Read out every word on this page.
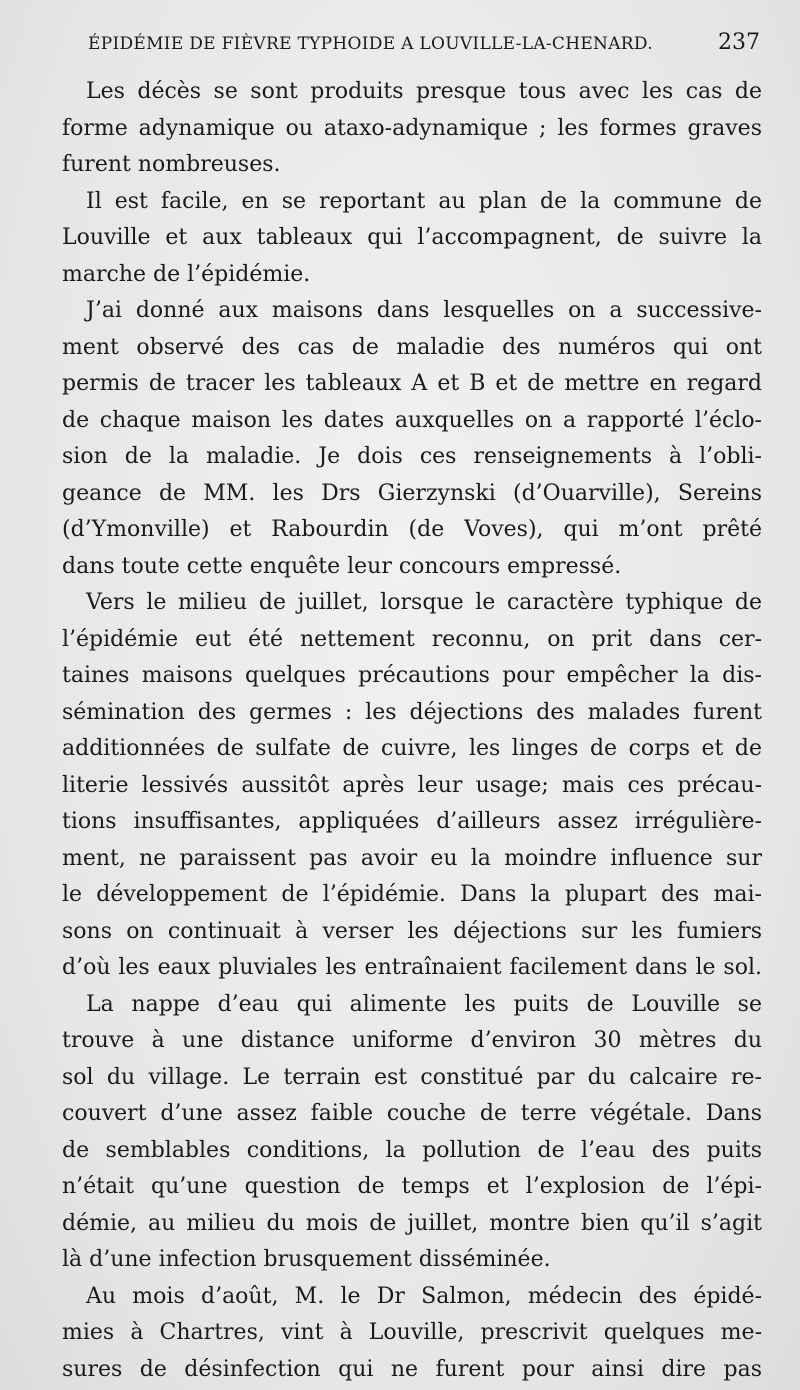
ÉPIDÉMIE DE FIÈVRE TYPHOIDE A LOUVILLE-LA-CHENARD.	237
Les décès se sont produits presque tous avec les cas de
forme adynamique ou ataxo-adynamique ; les formes graves
furent nombreuses.
Il est facile, en se reportant au plan de la commune de
Louville et aux tableaux qui l’accompagnent, de suivre la
marche de l’épidémie.
J’ai donné aux maisons dans lesquelles on a successive-
ment observé des cas de maladie des numéros qui ont
permis de tracer les tableaux A et B et de mettre en regard
de chaque maison les dates auxquelles on a rapporté l’éclo-
sion de la maladie. Je dois ces renseignements à l’obli-
geance de MM. les Drs Gierzynski (d’Ouarville), Sereins
(d’Ymonville) et Rabourdin (de Voves), qui m’ont prêté
dans toute cette enquête leur concours empressé.
Vers le milieu de juillet, lorsque le caractère typhique de
l’épidémie eut été nettement reconnu, on prit dans cer-
taines maisons quelques précautions pour empêcher la dis-
sémination des germes : les déjections des malades furent
additionnées de sulfate de cuivre, les linges de corps et de
literie lessivés aussitôt après leur usage; mais ces précau-
tions insuffisantes, appliquées d’ailleurs assez irrégulière-
ment, ne paraissent pas avoir eu la moindre influence sur
le développement de l’épidémie. Dans la plupart des mai-
sons on continuait à verser les déjections sur les fumiers
d’où les eaux pluviales les entraînaient facilement dans le sol.
La nappe d’eau qui alimente les puits de Louville se
trouve à une distance uniforme d’environ 30 mètres du
sol du village. Le terrain est constitué par du calcaire re-
couvert d’une assez faible couche de terre végétale. Dans
de semblables conditions, la pollution de l’eau des puits
n’était qu’une question de temps et l’explosion de l’épi-
démie, au milieu du mois de juillet, montre bien qu’il s’agit
là d’une infection brusquement disséminée.
Au mois d’août, M. le Dr Salmon, médecin des épidé-
mies à Chartres, vint à Louville, prescrivit quelques me-
sures de désinfection qui ne furent pour ainsi dire pas
